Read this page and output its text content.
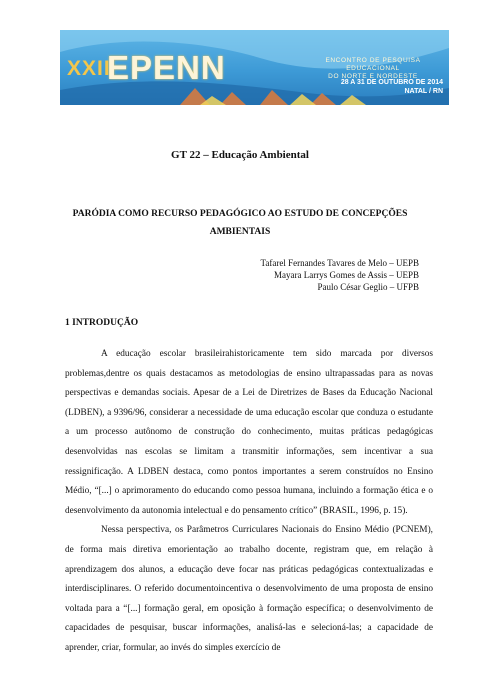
XXII
EPENN	ENCONTRO DE PESQUISA EDUCACIONAL
DO NORTE E NORDESTE
28 A 31 DE OUTUBRO DE 2014
NATAL / RN
GT 22 – Educação Ambiental
PARÓDIA COMO RECURSO PEDAGÓGICO AO ESTUDO DE CONCEPÇÕES
AMBIENTAIS
Tafarel Fernandes Tavares de Melo – UEPB
Mayara Larrys Gomes de Assis – UEPB
Paulo César Geglio – UFPB
1 INTRODUÇÃO

A educação escolar brasileirahistoricamente tem sido marcada por diversos problemas,dentre os quais destacamos as metodologias de ensino ultrapassadas para as novas perspectivas e demandas sociais. Apesar de a Lei de Diretrizes de Bases da Educação Nacional (LDBEN), a 9396/96, considerar a necessidade de uma educação escolar que conduza o estudante a um processo autônomo de construção do conhecimento, muitas práticas pedagógicas desenvolvidas nas escolas se limitam a transmitir informações, sem incentivar a sua ressignificação. A LDBEN destaca, como pontos importantes a serem construídos no Ensino Médio, “[...] o aprimoramento do educando como pessoa humana, incluindo a formação ética e o desenvolvimento da autonomia intelectual e do pensamento crítico” (BRASIL, 1996, p. 15).

Nessa perspectiva, os Parâmetros Curriculares Nacionais do Ensino Médio (PCNEM), de forma mais diretiva emorientação ao trabalho docente, registram que, em relação à aprendizagem dos alunos, a educação deve focar nas práticas pedagógicas contextualizadas e interdisciplinares. O referido documentoincentiva o desenvolvimento de uma proposta de ensino voltada para a “[...] formação geral, em oposição à formação específica; o desenvolvimento de capacidades de pesquisar, buscar informações, analisá-las e selecioná-las; a capacidade de aprender, criar, formular, ao invés do simples exercício de
